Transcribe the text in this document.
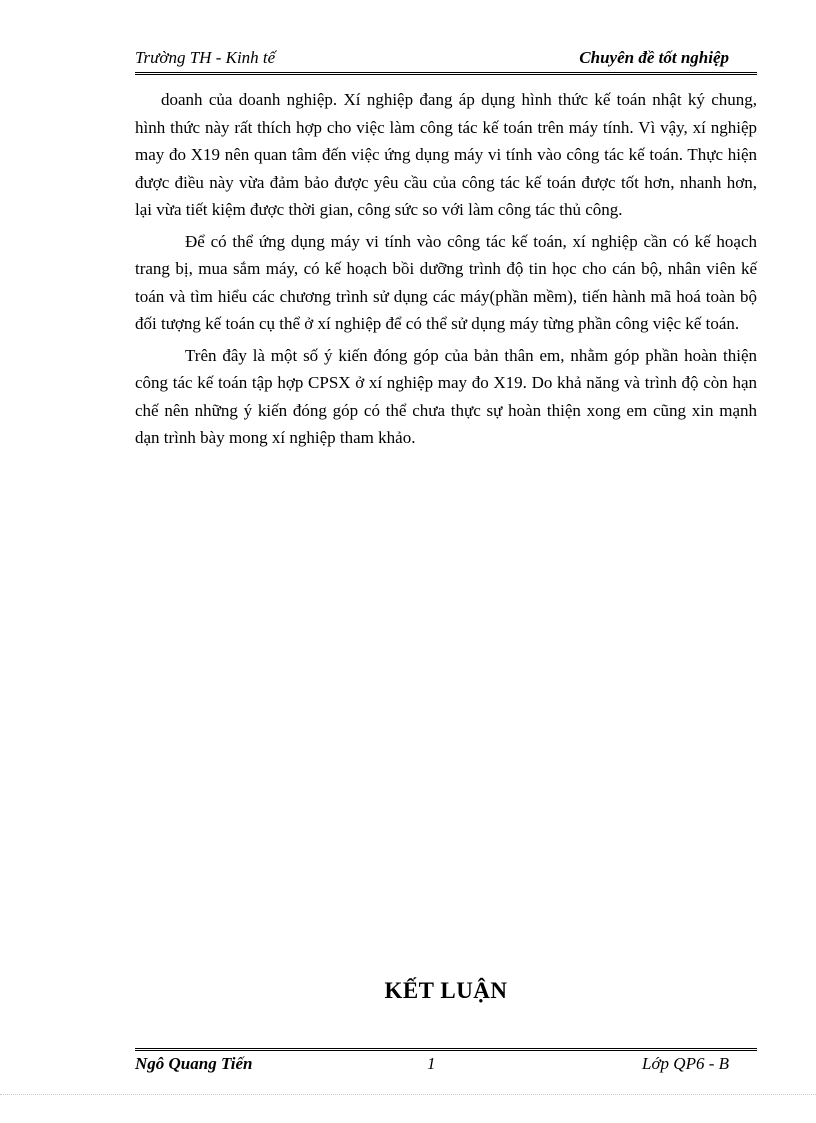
Trường TH - Kinh tế	Chuyên đề tốt nghiệp

doanh của doanh nghiệp. Xí nghiệp đang áp dụng hình thức kế toán nhật ký chung, hình thức này rất thích hợp cho việc làm công tác kế toán trên máy tính. Vì vậy, xí nghiệp may đo X19 nên quan tâm đến việc ứng dụng máy vi tính vào công tác kế toán. Thực hiện được điều này vừa đảm bảo được yêu cầu của công tác kế toán được tốt hơn, nhanh hơn, lại vừa tiết kiệm được thời gian, công sức so với làm công tác thủ công.

Để có thể ứng dụng máy vi tính vào công tác kế toán, xí nghiệp cần có kế hoạch trang bị, mua sắm máy, có kế hoạch bồi dưỡng trình độ tin học cho cán bộ, nhân viên kế toán và tìm hiểu các chương trình sử dụng các máy(phần mềm), tiến hành mã hoá toàn bộ đối tượng kế toán cụ thể ở xí nghiệp để có thể sử dụng máy từng phần công việc kế toán.

Trên đây là một số ý kiến đóng góp của bản thân em, nhằm góp phần hoàn thiện công tác kế toán tập hợp CPSX ở xí nghiệp may đo X19. Do khả năng và trình độ còn hạn chế nên những ý kiến đóng góp có thể chưa thực sự hoàn thiện xong em cũng xin mạnh dạn trình bày mong xí nghiệp tham khảo.

KẾT LUẬN
Ngô Quang Tiến	1	Lớp QP6 - B
